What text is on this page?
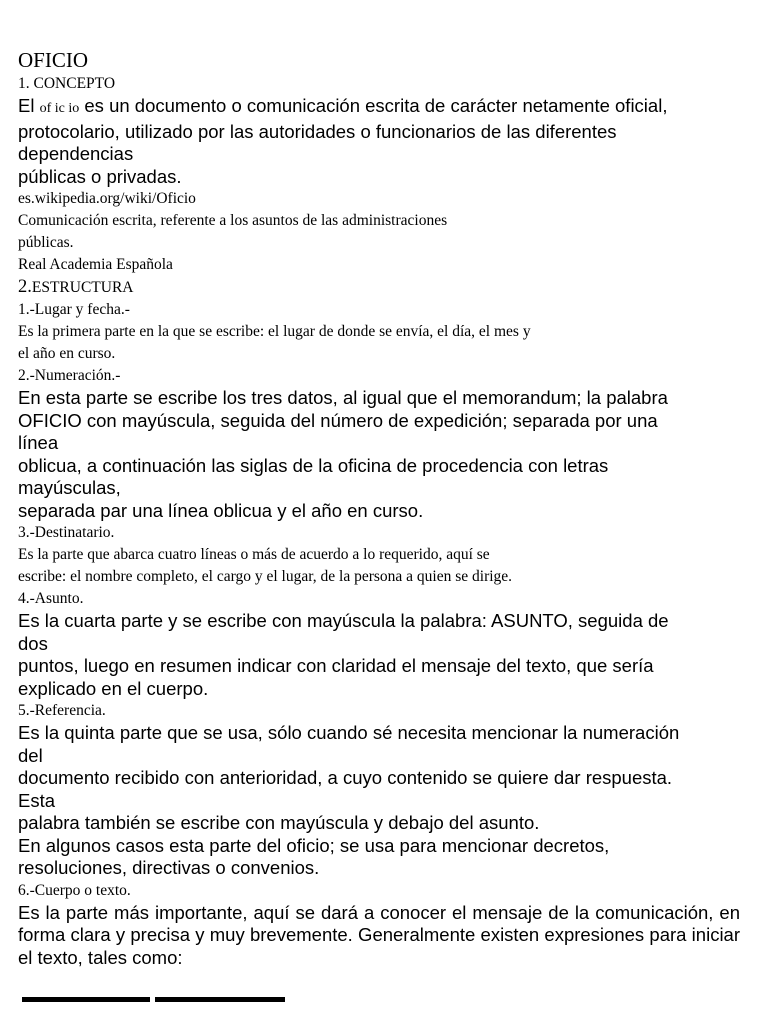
OFICIO
1. CONCEPTO
El of ic io es un documento o comunicación escrita de carácter netamente oficial,
protocolario, utilizado por las autoridades o funcionarios de las diferentes
dependencias
públicas o privadas.
es.wikipedia.org/wiki/Oficio
Comunicación escrita, referente a los asuntos de las administraciones
públicas.
Real Academia Española
2.ESTRUCTURA
1.-Lugar y fecha.-
Es la primera parte en la que se escribe: el lugar de donde se envía, el día, el mes y
el año en curso.
2.-Numeración.-
En esta parte se escribe los tres datos, al igual que el memorandum; la palabra
OFICIO con mayúscula, seguida del número de expedición; separada por una
línea
oblicua, a continuación las siglas de la oficina de procedencia con letras
mayúsculas,
separada par una línea oblicua y el año en curso.
3.-Destinatario.
Es la parte que abarca cuatro líneas o más de acuerdo a lo requerido, aquí se
escribe: el nombre completo, el cargo y el lugar, de la persona a quien se dirige.
4.-Asunto.
Es la cuarta parte y se escribe con mayúscula la palabra: ASUNTO, seguida de
dos
puntos, luego en resumen indicar con claridad el mensaje del texto, que sería
explicado en el cuerpo.
5.-Referencia.
Es la quinta parte que se usa, sólo cuando sé necesita mencionar la numeración
del
documento recibido con anterioridad, a cuyo contenido se quiere dar respuesta.
Esta
palabra también se escribe con mayúscula y debajo del asunto.
En algunos casos esta parte del oficio; se usa para mencionar decretos,
resoluciones, directivas o convenios.
6.-Cuerpo o texto.
Es la parte más importante, aquí se dará a conocer el mensaje de la comunicación, en forma clara y precisa y muy brevemente. Generalmente existen expresiones para iniciar el texto, tales como:
